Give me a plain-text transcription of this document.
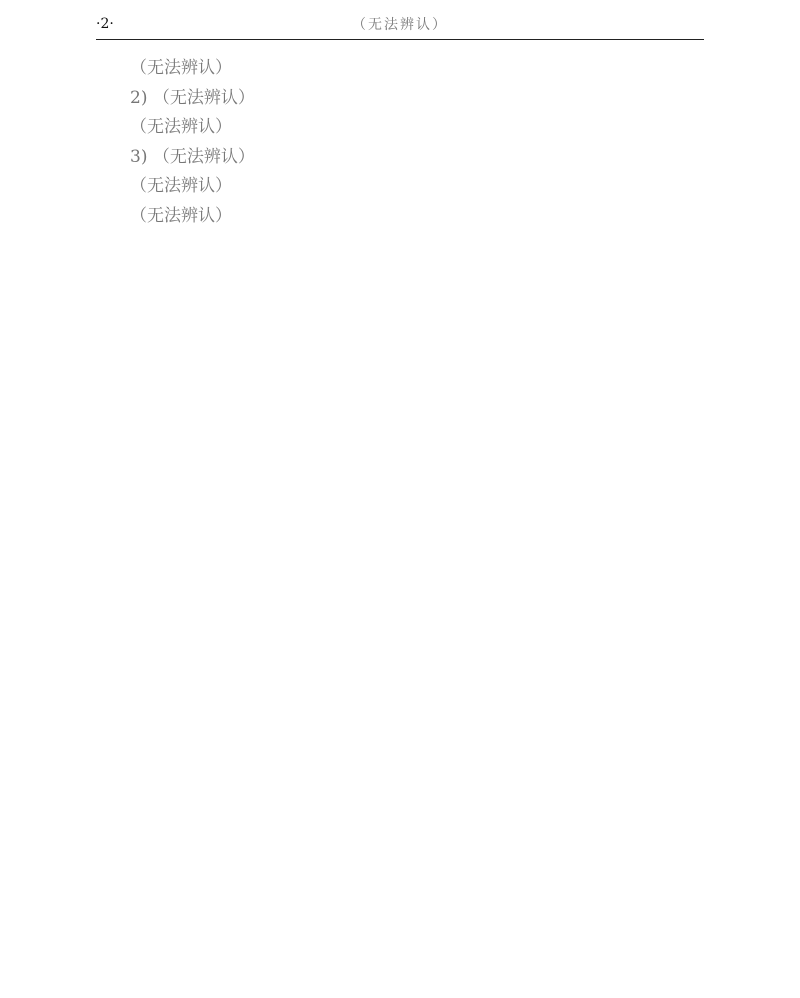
·2·	（无法辨认）

（无法辨认）

2) （无法辨认）

（无法辨认）

3) （无法辨认）

（无法辨认）

（无法辨认）
